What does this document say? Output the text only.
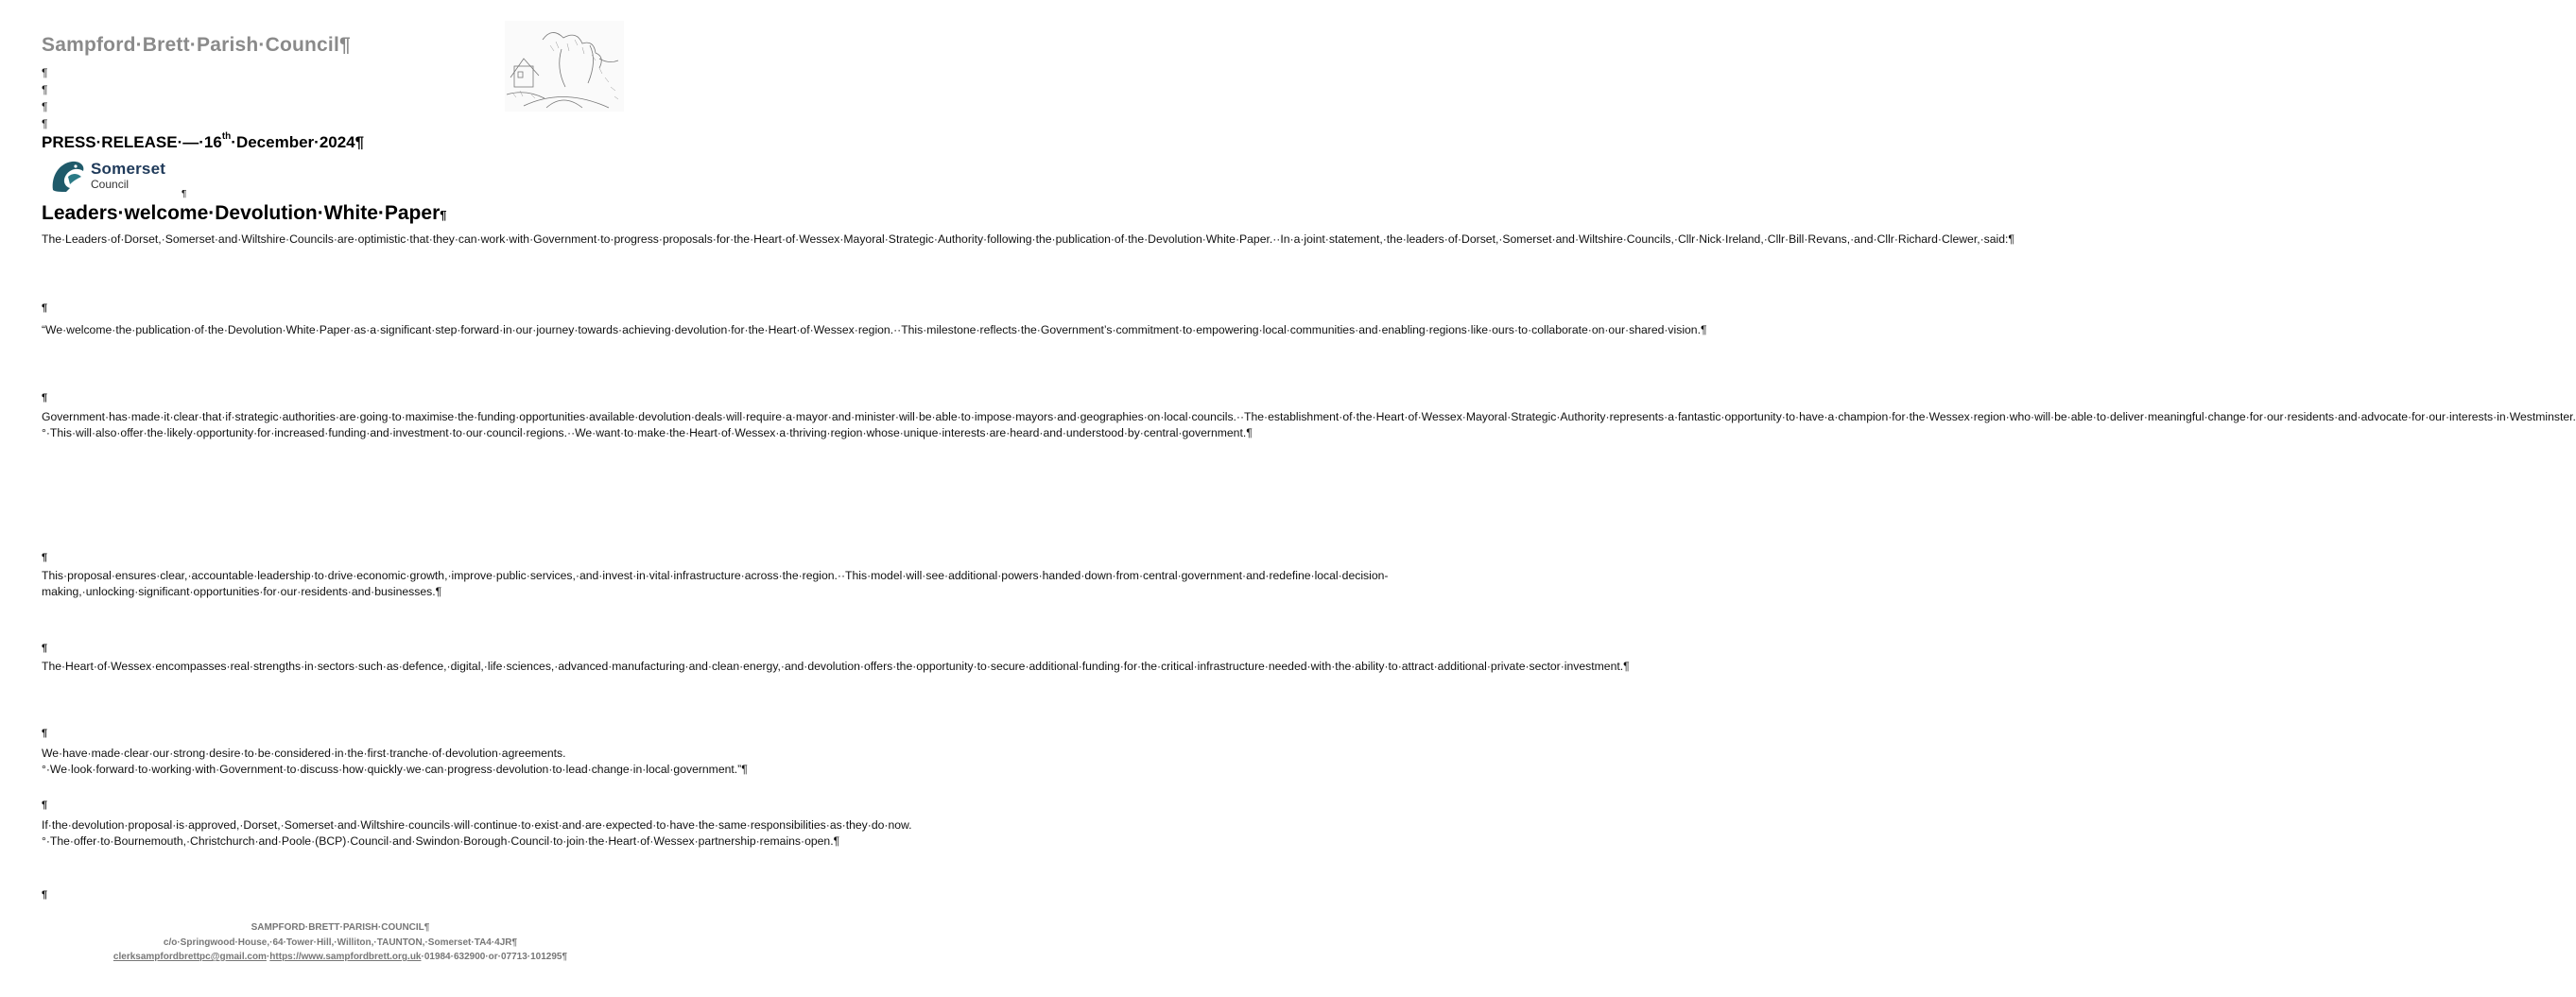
Sampford·Brett·Parish·Council¶
¶
¶
¶
¶
PRESS·RELEASE·—·16th·December·2024¶
Somerset
Council
¶
Leaders·welcome·Devolution·White·Paper¶
The·Leaders·of·Dorset,·Somerset·and·Wiltshire·Councils·are·optimistic·that·they·can·work·with·Government·to·progress·proposals·for·the·Heart·of·Wessex·Mayoral·Strategic·Authority·following·the·publication·of·the·Devolution·White·Paper.··In·a·joint·statement,·the·leaders·of·Dorset,·Somerset·and·Wiltshire·Councils,·Cllr·Nick·Ireland,·Cllr·Bill·Revans,·and·Cllr·Richard·Clewer,·said:¶
¶
“We·welcome·the·publication·of·the·Devolution·White·Paper·as·a·significant·step·forward·in·our·journey·towards·achieving·devolution·for·the·Heart·of·Wessex·region.··This·milestone·reflects·the·Government’s·commitment·to·empowering·local·communities·and·enabling·regions·like·ours·to·collaborate·on·our·shared·vision.¶
¶
Government·has·made·it·clear·that·if·strategic·authorities·are·going·to·maximise·the·funding·opportunities·available·devolution·deals·will·require·a·mayor·and·minister·will·be·able·to·impose·mayors·and·geographies·on·local·councils.··The·establishment·of·the·Heart·of·Wessex·Mayoral·Strategic·Authority·represents·a·fantastic·opportunity·to·have·a·champion·for·the·Wessex·region·who·will·be·able·to·deliver·meaningful·change·for·our·residents·and·advocate·for·our·interests·in·Westminster.°·This·will·also·offer·the·likely·opportunity·for·increased·funding·and·investment·to·our·council·regions.··We·want·to·make·the·Heart·of·Wessex·a·thriving·region·whose·unique·interests·are·heard·and·understood·by·central·government.¶
¶
This·proposal·ensures·clear,·accountable·leadership·to·drive·economic·growth,·improve·public·services,·and·invest·in·vital·infrastructure·across·the·region.··This·model·will·see·additional·powers·handed·down·from·central·government·and·redefine·local·decision-making,·unlocking·significant·opportunities·for·our·residents·and·businesses.¶
¶
The·Heart·of·Wessex·encompasses·real·strengths·in·sectors·such·as·defence,·digital,·life·sciences,·advanced·manufacturing·and·clean·energy,·and·devolution·offers·the·opportunity·to·secure·additional·funding·for·the·critical·infrastructure·needed·with·the·ability·to·attract·additional·private·sector·investment.¶
¶
We·have·made·clear·our·strong·desire·to·be·considered·in·the·first·tranche·of·devolution·agreements.°·We·look·forward·to·working·with·Government·to·discuss·how·quickly·we·can·progress·devolution·to·lead·change·in·local·government.”¶
¶
If·the·devolution·proposal·is·approved,·Dorset,·Somerset·and·Wiltshire·councils·will·continue·to·exist·and·are·expected·to·have·the·same·responsibilities·as·they·do·now.°·The·offer·to·Bournemouth,·Christchurch·and·Poole·(BCP)·Council·and·Swindon·Borough·Council·to·join·the·Heart·of·Wessex·partnership·remains·open.¶
¶
SAMPFORD·BRETT·PARISH·COUNCIL¶
c/o·Springwood·House,·64·Tower·Hill,·Williton,·TAUNTON,·Somerset·TA4·4JR¶
clerksampfordbrettpc@gmail.com·https://www.sampfordbrett.org.uk·01984·632900·or·07713·101295¶
